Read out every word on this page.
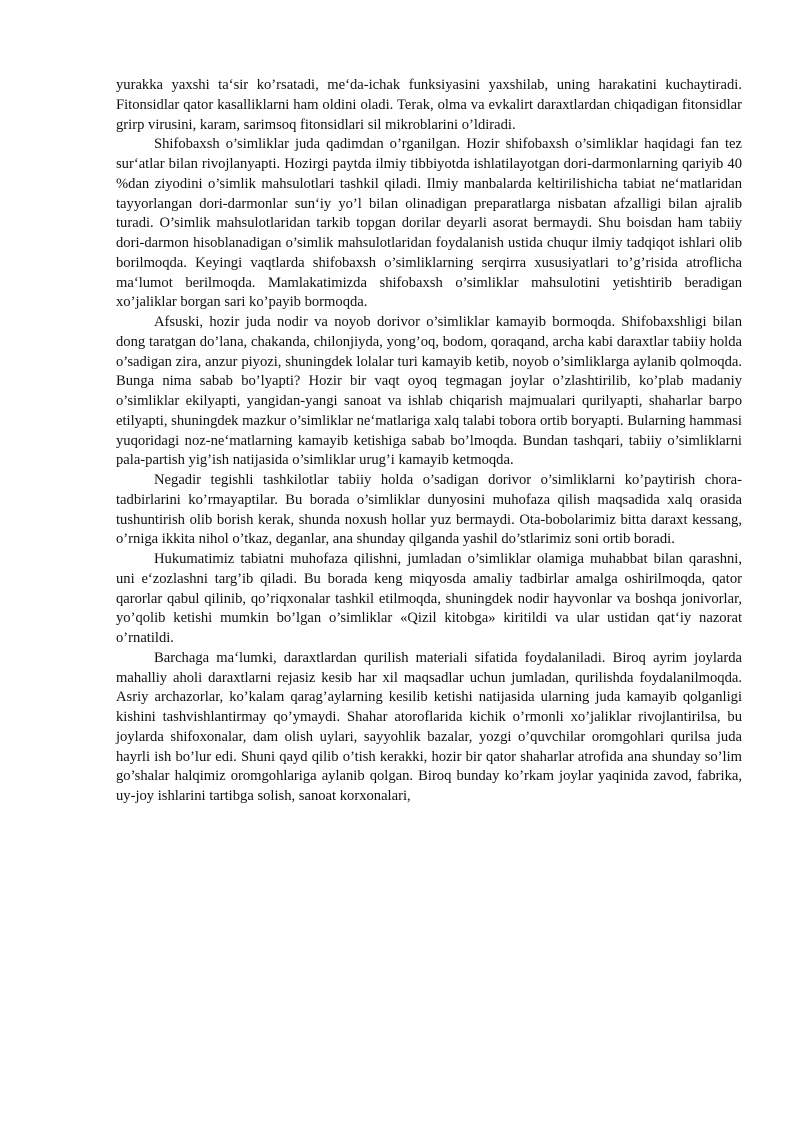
yurakka yaxshi ta‘sir ko’rsatadi, me‘da-ichak funksiyasini yaxshilab, uning harakatini kuchaytiradi. Fitonsidlar qator kasalliklarni ham oldini oladi. Terak, olma va evkalirt daraxtlardan chiqadigan fitonsidlar grirp virusini, karam, sarimsoq fitonsidlari sil mikroblarini o’ldiradi.

Shifobaxsh o’simliklar juda qadimdan o’rganilgan. Hozir shifobaxsh o’simliklar haqidagi fan tez sur‘atlar bilan rivojlanyapti. Hozirgi paytda ilmiy tibbiyotda ishlatilayotgan dori-darmonlarning qariyib 40 %dan ziyodini o’simlik mahsulotlari tashkil qiladi. Ilmiy manbalarda keltirilishicha tabiat ne‘matlaridan tayyorlangan dori-darmonlar sun‘iy yo’l bilan olinadigan preparatlarga nisbatan afzalligi bilan ajralib turadi. O’simlik mahsulotlaridan tarkib topgan dorilar deyarli asorat bermaydi. Shu boisdan ham tabiiy dori-darmon hisoblanadigan o’simlik mahsulotlaridan foydalanish ustida chuqur ilmiy tadqiqot ishlari olib borilmoqda. Keyingi vaqtlarda shifobaxsh o’simliklarning serqirra xususiyatlari to’g’risida atroflicha ma‘lumot berilmoqda. Mamlakatimizda shifobaxsh o’simliklar mahsulotini yetishtirib beradigan xo’jaliklar borgan sari ko’payib bormoqda.

Afsuski, hozir juda nodir va noyob dorivor o’simliklar kamayib bormoqda. Shifobaxshligi bilan dong taratgan do’lana, chakanda, chilonjiyda, yong’oq, bodom, qoraqand, archa kabi daraxtlar tabiiy holda o’sadigan zira, anzur piyozi, shuningdek lolalar turi kamayib ketib, noyob o’simliklarga aylanib qolmoqda. Bunga nima sabab bo’lyapti? Hozir bir vaqt oyoq tegmagan joylar o’zlashtirilib, ko’plab madaniy o’simliklar ekilyapti, yangidan-yangi sanoat va ishlab chiqarish majmualari qurilyapti, shaharlar barpo etilyapti, shuningdek mazkur o’simliklar ne‘matlariga xalq talabi tobora ortib boryapti. Bularning hammasi yuqoridagi noz-ne‘matlarning kamayib ketishiga sabab bo’lmoqda. Bundan tashqari, tabiiy o’simliklarni pala-partish yig’ish natijasida o’simliklar urug’i kamayib ketmoqda.

Negadir tegishli tashkilotlar tabiiy holda o’sadigan dorivor o’simliklarni ko’paytirish chora-tadbirlarini ko’rmayaptilar. Bu borada o’simliklar dunyosini muhofaza qilish maqsadida xalq orasida tushuntirish olib borish kerak, shunda noxush hollar yuz bermaydi. Ota-bobolarimiz bitta daraxt kessang, o’rniga ikkita nihol o’tkaz, deganlar, ana shunday qilganda yashil do’stlarimiz soni ortib boradi.

Hukumatimiz tabiatni muhofaza qilishni, jumladan o’simliklar olamiga muhabbat bilan qarashni, uni e‘zozlashni targ’ib qiladi. Bu borada keng miqyosda amaliy tadbirlar amalga oshirilmoqda, qator qarorlar qabul qilinib, qo’riqxonalar tashkil etilmoqda, shuningdek nodir hayvonlar va boshqa jonivorlar, yo’qolib ketishi mumkin bo’lgan o’simliklar «Qizil kitobga» kiritildi va ular ustidan qat‘iy nazorat o’rnatildi.

Barchaga ma‘lumki, daraxtlardan qurilish materiali sifatida foydalaniladi. Biroq ayrim joylarda mahalliy aholi daraxtlarni rejasiz kesib har xil maqsadlar uchun jumladan, qurilishda foydalanilmoqda. Asriy archazorlar, ko’kalam qarag’aylarning kesilib ketishi natijasida ularning juda kamayib qolganligi kishini tashvishlantirmay qo’ymaydi. Shahar atoroflarida kichik o’rmonli xo’jaliklar rivojlantirilsa, bu joylarda shifoxonalar, dam olish uylari, sayyohlik bazalar, yozgi o’quvchilar oromgohlari qurilsa juda hayrli ish bo’lur edi. Shuni qayd qilib o’tish kerakki, hozir bir qator shaharlar atrofida ana shunday so’lim go’shalar halqimiz oromgohlariga aylanib qolgan. Biroq bunday ko’rkam joylar yaqinida zavod, fabrika, uy-joy ishlarini tartibga solish, sanoat korxonalari,
